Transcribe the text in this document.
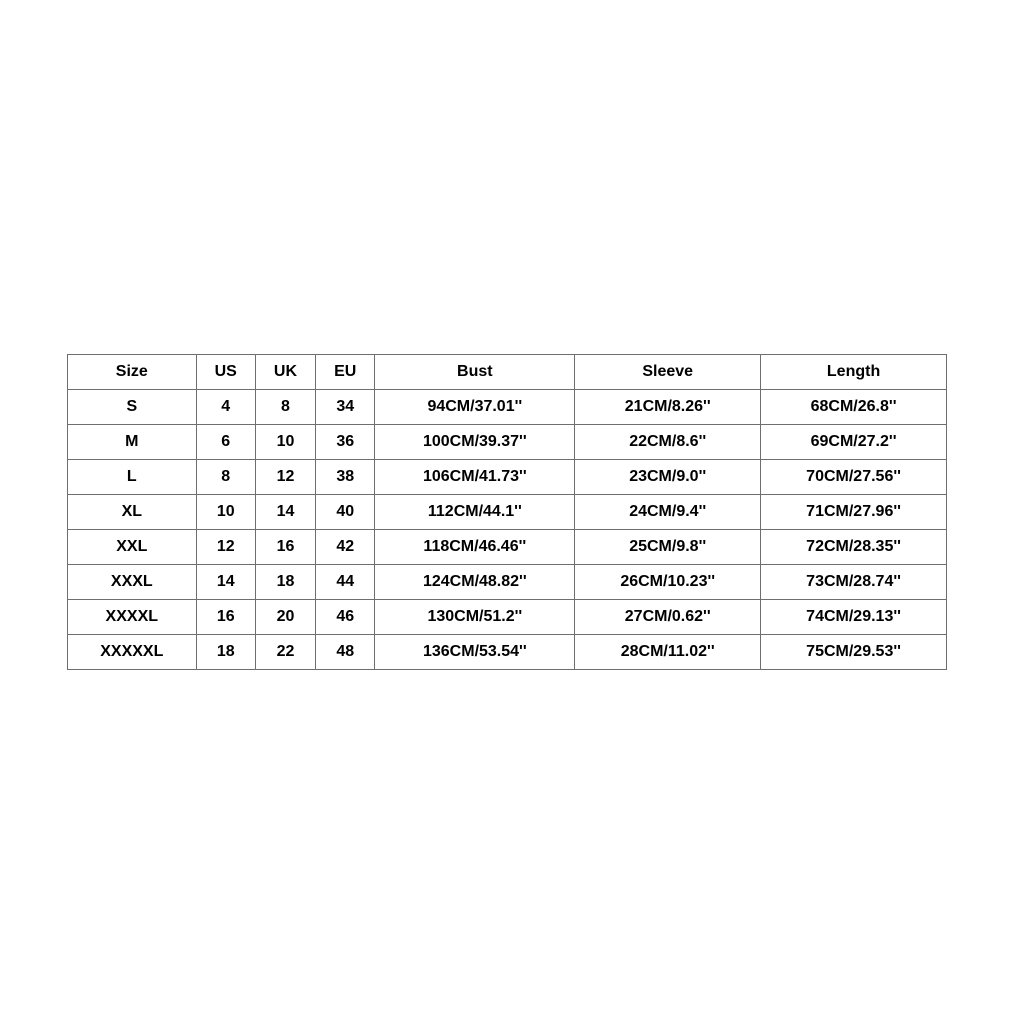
Size	US	UK	EU	Bust	Sleeve	Length
S	4	8	34	94CM/37.01''	21CM/8.26''	68CM/26.8''
M	6	10	36	100CM/39.37''	22CM/8.6''	69CM/27.2''
L	8	12	38	106CM/41.73''	23CM/9.0''	70CM/27.56''
XL	10	14	40	112CM/44.1''	24CM/9.4''	71CM/27.96''
XXL	12	16	42	118CM/46.46''	25CM/9.8''	72CM/28.35''
XXXL	14	18	44	124CM/48.82''	26CM/10.23''	73CM/28.74''
XXXXL	16	20	46	130CM/51.2''	27CM/0.62''	74CM/29.13''
XXXXXL	18	22	48	136CM/53.54''	28CM/11.02''	75CM/29.53''
